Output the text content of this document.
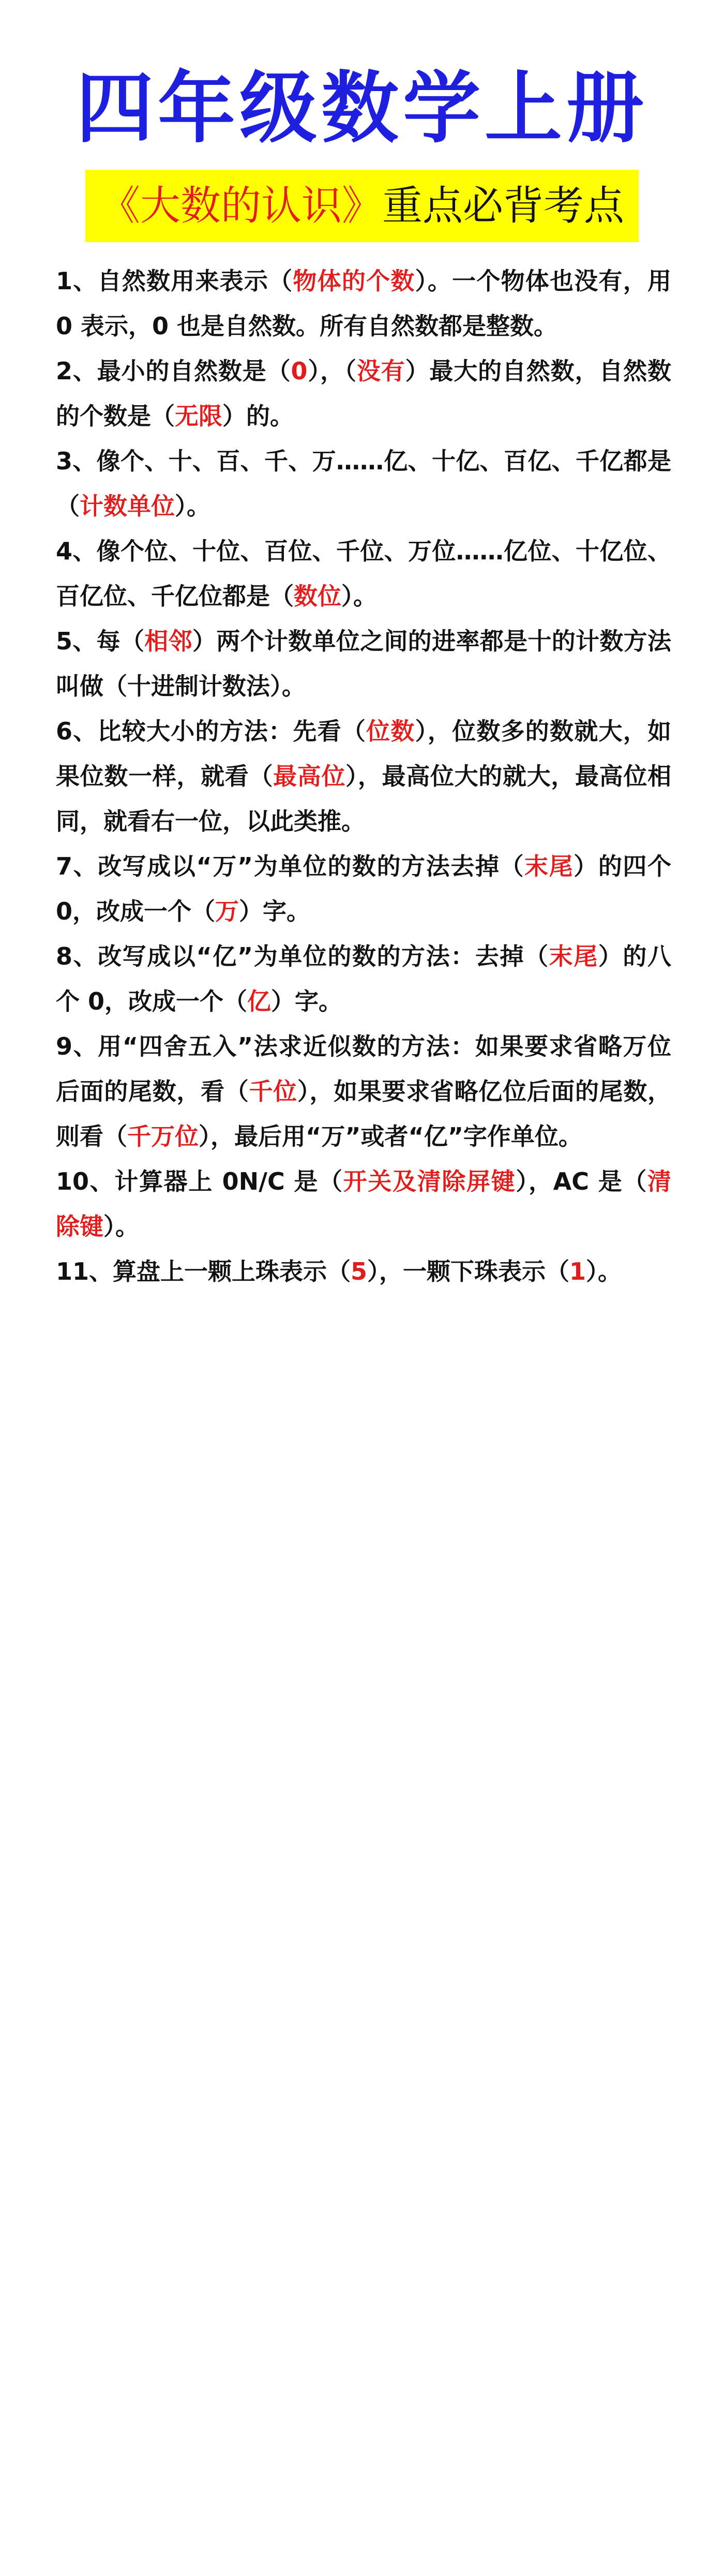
四年级数学上册
《大数的认识》重点必背考点

1、自然数用来表示（物体的个数）。一个物体也没有，用 0 表示，0 也是自然数。所有自然数都是整数。

2、最小的自然数是（0），（没有）最大的自然数，自然数的个数是（无限）的。

3、像个、十、百、千、万……亿、十亿、百亿、千亿都是（计数单位）。

4、像个位、十位、百位、千位、万位……亿位、十亿位、百亿位、千亿位都是（数位）。

5、每（相邻）两个计数单位之间的进率都是十的计数方法叫做（十进制计数法）。

6、比较大小的方法：先看（位数），位数多的数就大，如果位数一样，就看（最高位），最高位大的就大，最高位相同，就看右一位，以此类推。

7、改写成以“万”为单位的数的方法去掉（末尾）的四个 0，改成一个（万）字。

8、改写成以“亿”为单位的数的方法：去掉（末尾）的八个 0，改成一个（亿）字。

9、用“四舍五入”法求近似数的方法：如果要求省略万位后面的尾数，看（千位），如果要求省略亿位后面的尾数，则看（千万位），最后用“万”或者“亿”字作单位。

10、计算器上 0N/C 是（开关及清除屏键），AC 是（清除键）。

11、算盘上一颗上珠表示（5），一颗下珠表示（1）。
